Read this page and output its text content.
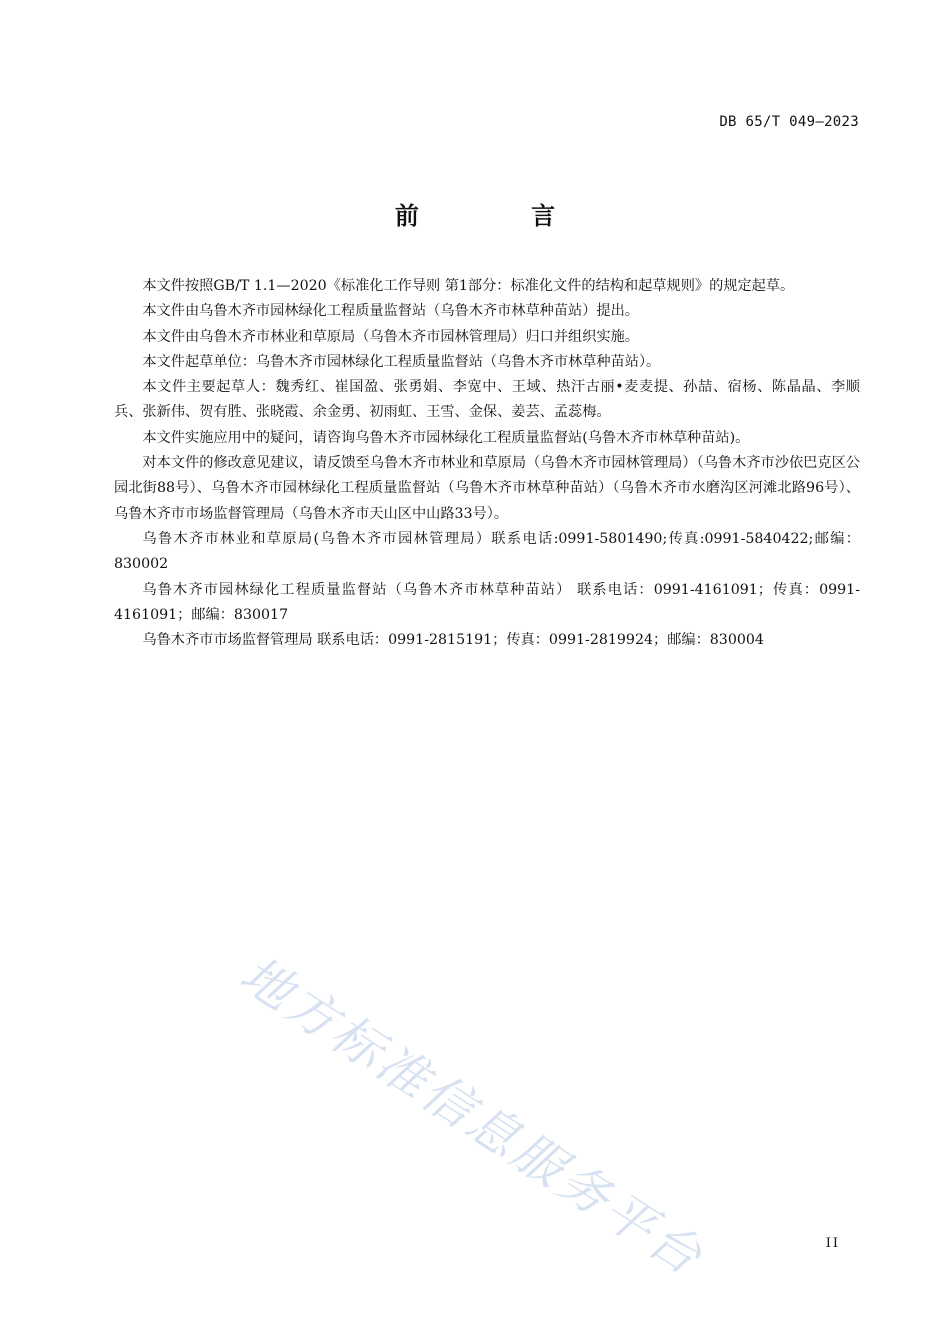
DB 65/T 049—2023
前 言

本文件按照GB/T 1.1—2020《标准化工作导则 第1部分：标准化文件的结构和起草规则》的规定起草。

本文件由乌鲁木齐市园林绿化工程质量监督站（乌鲁木齐市林草种苗站）提出。

本文件由乌鲁木齐市林业和草原局（乌鲁木齐市园林管理局）归口并组织实施。

本文件起草单位：乌鲁木齐市园林绿化工程质量监督站（乌鲁木齐市林草种苗站）。

本文件主要起草人：魏秀红、崔国盈、张勇娟、李宽中、王域、热汗古丽•麦麦提、孙喆、宿杨、陈晶晶、李顺兵、张新伟、贺有胜、张晓霞、余金勇、初雨虹、王雪、金保、姜芸、孟蕊梅。

本文件实施应用中的疑问，请咨询乌鲁木齐市园林绿化工程质量监督站(乌鲁木齐市林草种苗站)。

对本文件的修改意见建议，请反馈至乌鲁木齐市林业和草原局（乌鲁木齐市园林管理局）（乌鲁木齐市沙依巴克区公园北街88号）、乌鲁木齐市园林绿化工程质量监督站（乌鲁木齐市林草种苗站）（乌鲁木齐市水磨沟区河滩北路96号）、乌鲁木齐市市场监督管理局（乌鲁木齐市天山区中山路33号）。

乌鲁木齐市林业和草原局(乌鲁木齐市园林管理局）联系电话:0991-5801490;传真:0991-5840422;邮编：830002

乌鲁木齐市园林绿化工程质量监督站（乌鲁木齐市林草种苗站） 联系电话：0991-4161091；传真：0991-4161091；邮编：830017

乌鲁木齐市市场监督管理局 联系电话：0991-2815191；传真：0991-2819924；邮编：830004

地方标准信息服务平台	II
